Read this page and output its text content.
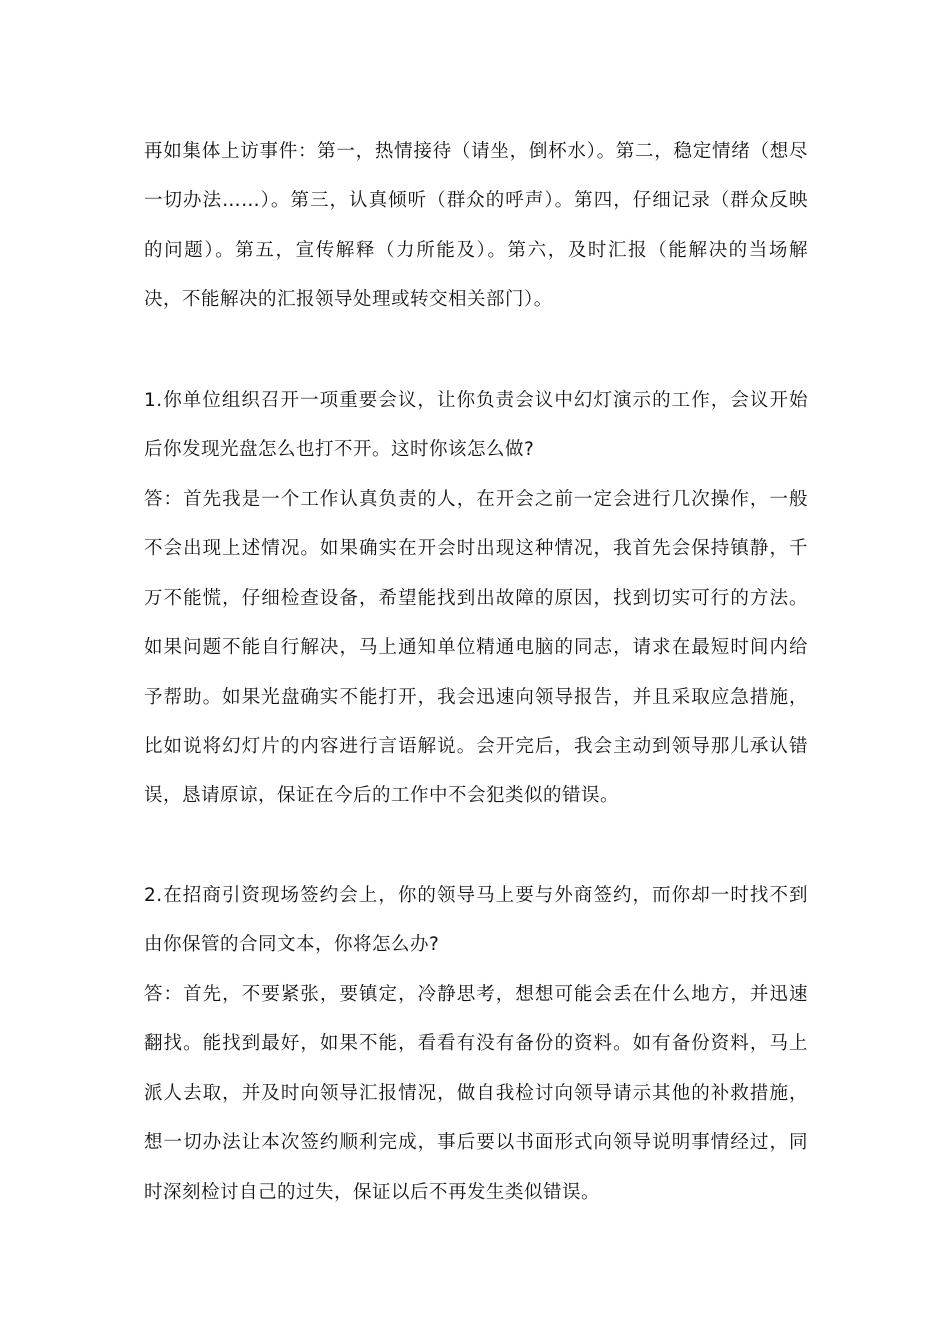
再如集体上访事件：第一，热情接待（请坐，倒杯水）。第二，稳定情绪（想尽一切办法……）。第三，认真倾听（群众的呼声）。第四，仔细记录（群众反映的问题）。第五，宣传解释（力所能及）。第六，及时汇报（能解决的当场解决，不能解决的汇报领导处理或转交相关部门）。

1.你单位组织召开一项重要会议，让你负责会议中幻灯演示的工作，会议开始后你发现光盘怎么也打不开。这时你该怎么做?

答：首先我是一个工作认真负责的人，在开会之前一定会进行几次操作，一般不会出现上述情况。如果确实在开会时出现这种情况，我首先会保持镇静，千万不能慌，仔细检查设备，希望能找到出故障的原因，找到切实可行的方法。如果问题不能自行解决，马上通知单位精通电脑的同志，请求在最短时间内给予帮助。如果光盘确实不能打开，我会迅速向领导报告，并且采取应急措施，比如说将幻灯片的内容进行言语解说。会开完后，我会主动到领导那儿承认错误，恳请原谅，保证在今后的工作中不会犯类似的错误。

2.在招商引资现场签约会上，你的领导马上要与外商签约，而你却一时找不到由你保管的合同文本，你将怎么办?

答：首先，不要紧张，要镇定，冷静思考，想想可能会丢在什么地方，并迅速翻找。能找到最好，如果不能，看看有没有备份的资料。如有备份资料，马上派人去取，并及时向领导汇报情况，做自我检讨向领导请示其他的补救措施，想一切办法让本次签约顺利完成，事后要以书面形式向领导说明事情经过，同时深刻检讨自己的过失，保证以后不再发生类似错误。
